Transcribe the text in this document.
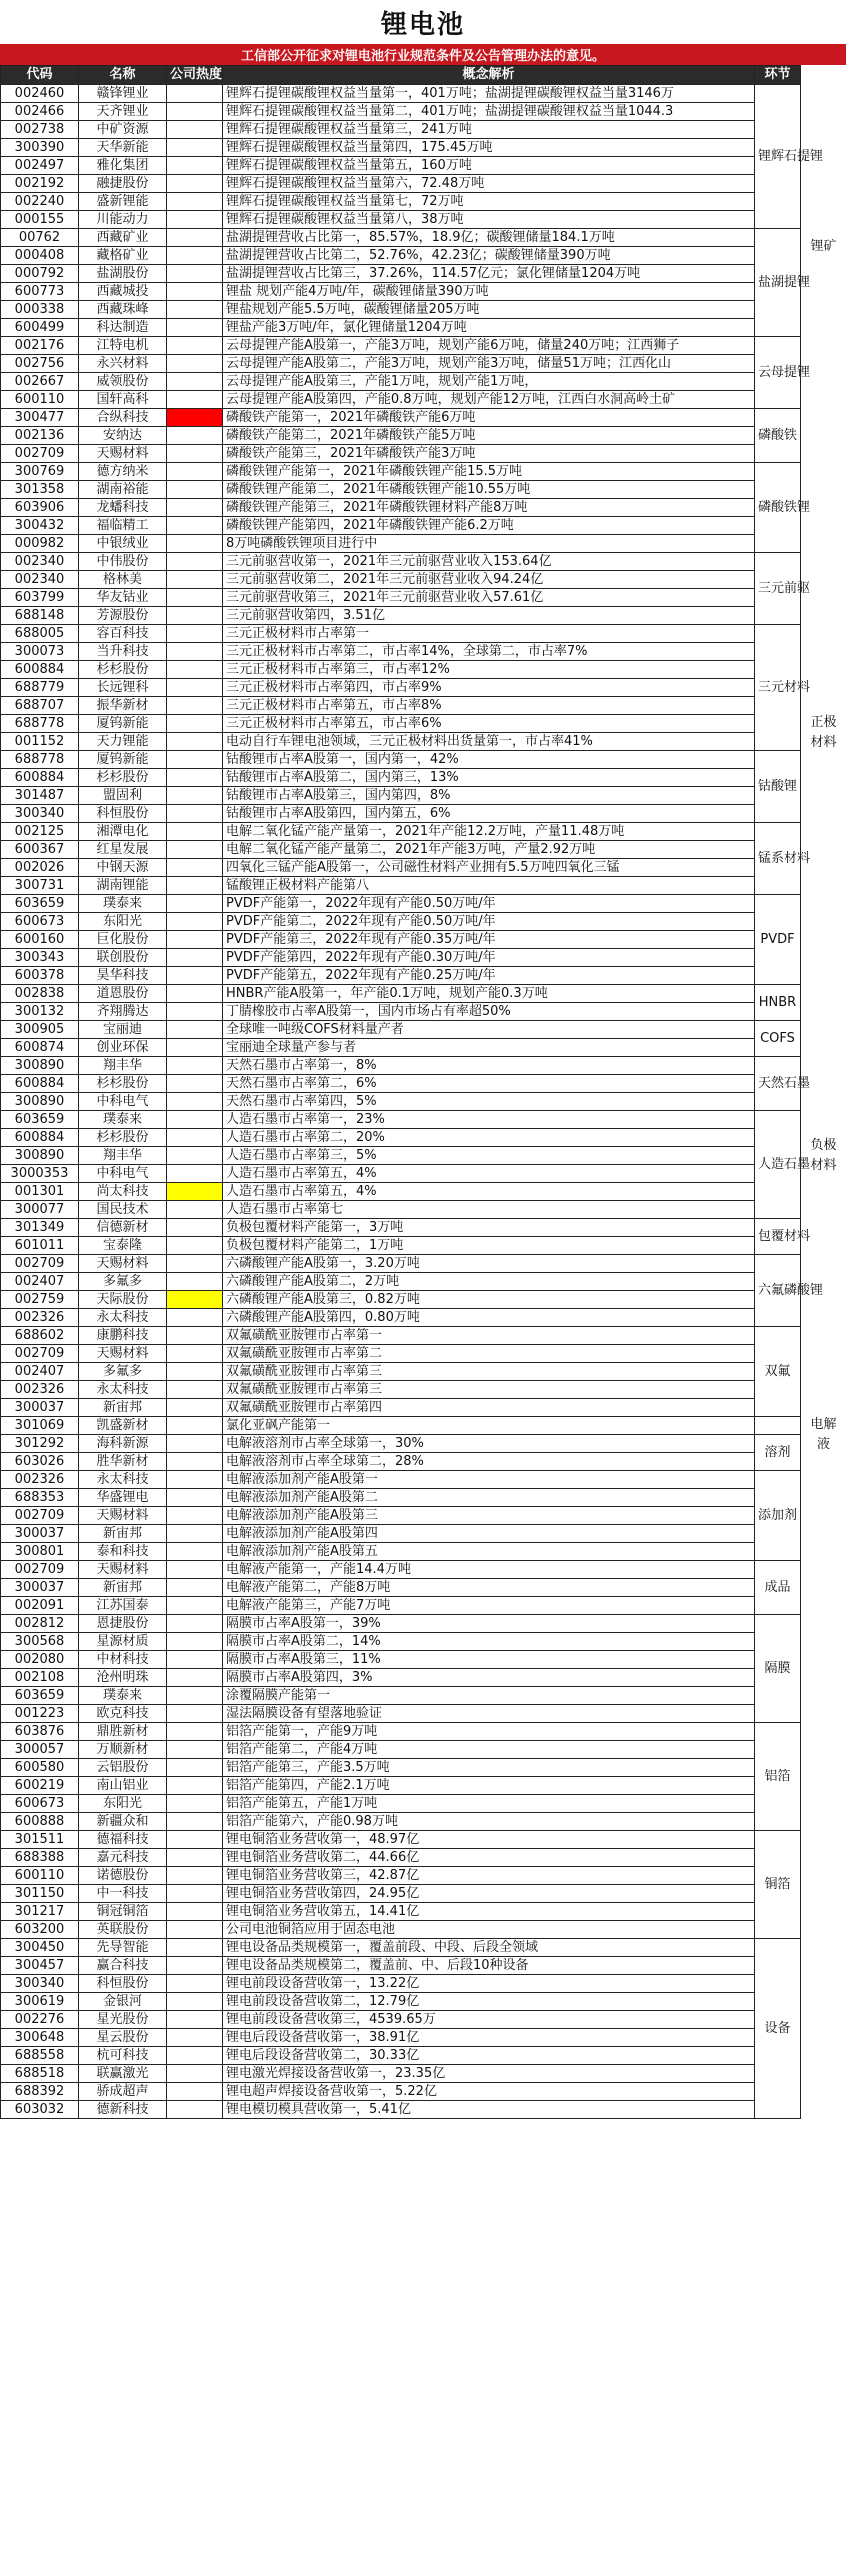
锂电池
工信部公开征求对锂电池行业规范条件及公告管理办法的意见。
代码	名称	公司热度	概念解析	环节
002460	赣锋锂业		锂辉石提锂碳酸锂权益当量第一，401万吨；盐湖提锂碳酸锂权益当量3146万	锂辉石提锂
002466	天齐锂业		锂辉石提锂碳酸锂权益当量第二，401万吨；盐湖提锂碳酸锂权益当量1044.3	
002738	中矿资源		锂辉石提锂碳酸锂权益当量第三，241万吨	
300390	天华新能		锂辉石提锂碳酸锂权益当量第四，175.45万吨	
002497	雅化集团		锂辉石提锂碳酸锂权益当量第五，160万吨	
002192	融捷股份		锂辉石提锂碳酸锂权益当量第六，72.48万吨	
002240	盛新锂能		锂辉石提锂碳酸锂权益当量第七，72万吨	
000155	川能动力		锂辉石提锂碳酸锂权益当量第八，38万吨	
00762	西藏矿业		盐湖提锂营收占比第一，85.57%，18.9亿；碳酸锂储量184.1万吨	盐湖提锂
000408	藏格矿业		盐湖提锂营收占比第二，52.76%，42.23亿；碳酸锂储量390万吨	
000792	盐湖股份		盐湖提锂营收占比第三，37.26%，114.57亿元；氯化锂储量1204万吨	
600773	西藏城投		锂盐 规划产能4万吨/年，碳酸锂储量390万吨	
000338	西藏珠峰		锂盐规划产能5.5万吨，碳酸锂储量205万吨	
600499	科达制造		锂盐产能3万吨/年，氯化锂储量1204万吨	
002176	江特电机		云母提锂产能A股第一，产能3万吨，规划产能6万吨，储量240万吨；江西狮子	云母提锂
002756	永兴材料		云母提锂产能A股第二，产能3万吨，规划产能3万吨，储量51万吨；江西化山	
002667	威领股份		云母提锂产能A股第三，产能1万吨，规划产能1万吨，	
600110	国轩高科		云母提锂产能A股第四，产能0.8万吨，规划产能12万吨，江西白水洞高岭土矿	
300477	合纵科技		磷酸铁产能第一，2021年磷酸铁产能6万吨	磷酸铁
002136	安纳达		磷酸铁产能第二，2021年磷酸铁产能5万吨	
002709	天赐材料		磷酸铁产能第三，2021年磷酸铁产能3万吨	
300769	德方纳米		磷酸铁锂产能第一，2021年磷酸铁锂产能15.5万吨	磷酸铁锂
301358	湖南裕能		磷酸铁锂产能第二，2021年磷酸铁锂产能10.55万吨	
603906	龙蟠科技		磷酸铁锂产能第三，2021年磷酸铁锂材料产能8万吨	
300432	福临精工		磷酸铁锂产能第四，2021年磷酸铁锂产能6.2万吨	
000982	中银绒业		8万吨磷酸铁锂项目进行中	
002340	中伟股份		三元前驱营收第一，2021年三元前驱营业收入153.64亿	三元前驱
002340	格林美		三元前驱营收第二，2021年三元前驱营业收入94.24亿	
603799	华友钴业		三元前驱营收第三，2021年三元前驱营业收入57.61亿	
688148	芳源股份		三元前驱营收第四，3.51亿	
688005	容百科技		三元正极材料市占率第一	三元材料
300073	当升科技		三元正极材料市占率第二，市占率14%，全球第二，市占率7%	
600884	杉杉股份		三元正极材料市占率第三，市占率12%	
688779	长远锂科		三元正极材料市占率第四，市占率9%	
688707	振华新材		三元正极材料市占率第五，市占率8%	
688778	厦钨新能		三元正极材料市占率第五，市占率6%	
001152	天力锂能		电动自行车锂电池领域，三元正极材料出货量第一，市占率41%	
688778	厦钨新能		钴酸锂市占率A股第一，国内第一，42%	钴酸锂
600884	杉杉股份		钴酸锂市占率A股第二，国内第三，13%	
301487	盟固利		钴酸锂市占率A股第三，国内第四，8%	
300340	科恒股份		钴酸锂市占率A股第四，国内第五，6%	
002125	湘潭电化		电解二氧化锰产能产量第一，2021年产能12.2万吨，产量11.48万吨	锰系材料
600367	红星发展		电解二氧化锰产能产量第二，2021年产能3万吨，产量2.92万吨	
002026	中钢天源		四氧化三锰产能A股第一，公司磁性材料产业拥有5.5万吨四氧化三锰	
300731	湖南锂能		锰酸锂正极材料产能第八	
603659	璞泰来		PVDF产能第一，2022年现有产能0.50万吨/年	PVDF
600673	东阳光		PVDF产能第二，2022年现有产能0.50万吨/年	
600160	巨化股份		PVDF产能第三，2022年现有产能0.35万吨/年	
300343	联创股份		PVDF产能第四，2022年现有产能0.30万吨/年	
600378	昊华科技		PVDF产能第五，2022年现有产能0.25万吨/年	
002838	道恩股份		HNBR产能A股第一，年产能0.1万吨，规划产能0.3万吨	HNBR
300132	齐翔腾达		丁腈橡胶市占率A股第一，国内市场占有率超50%	
300905	宝丽迪		全球唯一吨级COFS材料量产者	COFS
600874	创业环保		宝丽迪全球量产参与者	
300890	翔丰华		天然石墨市占率第一，8%	天然石墨
600884	杉杉股份		天然石墨市占率第二，6%	
300890	中科电气		天然石墨市占率第四，5%	
603659	璞泰来		人造石墨市占率第一，23%	人造石墨
600884	杉杉股份		人造石墨市占率第二，20%	
300890	翔丰华		人造石墨市占率第三，5%	
3000353	中科电气		人造石墨市占率第五，4%	
001301	尚太科技		人造石墨市占率第五，4%	
300077	国民技术		人造石墨市占率第七	
301349	信德新材		负极包覆材料产能第一，3万吨	包覆材料
601011	宝泰隆		负极包覆材料产能第二，1万吨	
002709	天赐材料		六磷酸锂产能A股第一，3.20万吨	六氟磷酸锂
002407	多氟多		六磷酸锂产能A股第二，2万吨	
002759	天际股份		六磷酸锂产能A股第三，0.82万吨	
002326	永太科技		六磷酸锂产能A股第四，0.80万吨	
688602	康鹏科技		双氟磺酰亚胺锂市占率第一	双氟
002709	天赐材料		双氟磺酰亚胺锂市占率第二	
002407	多氟多		双氟磺酰亚胺锂市占率第三	
002326	永太科技		双氟磺酰亚胺锂市占率第三	
300037	新宙邦		双氟磺酰亚胺锂市占率第四	
301069	凯盛新材		氯化亚砜产能第一	
301292	海科新源		电解液溶剂市占率全球第一，30%	溶剂
603026	胜华新材		电解液溶剂市占率全球第二，28%	
002326	永太科技		电解液添加剂产能A股第一	添加剂
688353	华盛锂电		电解液添加剂产能A股第二	
002709	天赐材料		电解液添加剂产能A股第三	
300037	新宙邦		电解液添加剂产能A股第四	
300801	泰和科技		电解液添加剂产能A股第五	
002709	天赐材料		电解液产能第一，产能14.4万吨	成品
300037	新宙邦		电解液产能第二，产能8万吨	
002091	江苏国泰		电解液产能第三，产能7万吨	
002812	恩捷股份		隔膜市占率A股第一，39%	隔膜
300568	星源材质		隔膜市占率A股第二，14%	
002080	中材科技		隔膜市占率A股第三，11%	
002108	沧州明珠		隔膜市占率A股第四，3%	
603659	璞泰来		涂覆隔膜产能第一	
001223	欧克科技		湿法隔膜设备有望落地验证	
603876	鼎胜新材		铝箔产能第一，产能9万吨	铝箔
300057	万顺新材		铝箔产能第二，产能4万吨	
600580	云铝股份		铝箔产能第三，产能3.5万吨	
600219	南山铝业		铝箔产能第四，产能2.1万吨	
600673	东阳光		铝箔产能第五，产能1万吨	
600888	新疆众和		铝箔产能第六，产能0.98万吨	
301511	德福科技		锂电铜箔业务营收第一，48.97亿	铜箔
688388	嘉元科技		锂电铜箔业务营收第二，44.66亿	
600110	诺德股份		锂电铜箔业务营收第三，42.87亿	
301150	中一科技		锂电铜箔业务营收第四，24.95亿	
301217	铜冠铜箔		锂电铜箔业务营收第五，14.41亿	
603200	英联股份		公司电池铜箔应用于固态电池	
300450	先导智能		锂电设备品类规模第一，覆盖前段、中段、后段全领域	设备
300457	赢合科技		锂电设备品类规模第二，覆盖前、中、后段10种设备	
300340	科恒股份		锂电前段设备营收第一，13.22亿	
300619	金银河		锂电前段设备营收第二，12.79亿	
002276	星光股份		锂电前段设备营收第三，4539.65万	
300648	星云股份		锂电后段设备营收第一，38.91亿	
688558	杭可科技		锂电后段设备营收第二，30.33亿	
688518	联赢激光		锂电激光焊接设备营收第一，23.35亿	
688392	骄成超声		锂电超声焊接设备营收第一，5.22亿	
603032	德新科技		锂电模切模具营收第一，5.41亿	
锂矿
正极材料
负极材料
电解液
